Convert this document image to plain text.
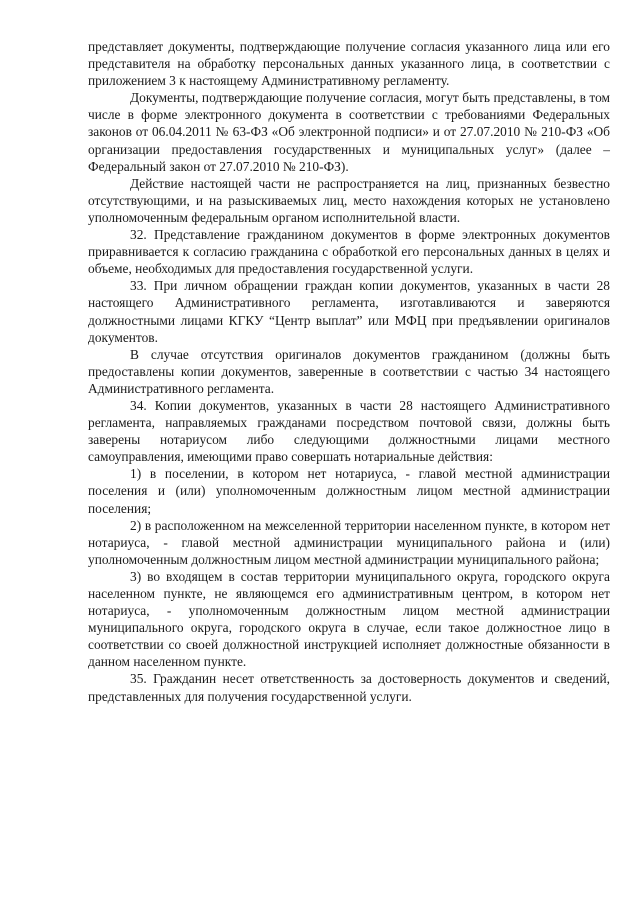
представляет документы, подтверждающие получение согласия указанного лица или его представителя на обработку персональных данных указанного лица, в соответствии с приложением 3 к настоящему Административному регламенту.

Документы, подтверждающие получение согласия, могут быть представлены, в том числе в форме электронного документа в соответствии с требованиями Федеральных законов от 06.04.2011 № 63-ФЗ «Об электронной подписи» и от 27.07.2010 № 210-ФЗ «Об организации предоставления государственных и муниципальных услуг» (далее – Федеральный закон от 27.07.2010 № 210-ФЗ).

Действие настоящей части не распространяется на лиц, признанных безвестно отсутствующими, и на разыскиваемых лиц, место нахождения которых не установлено уполномоченным федеральным органом исполнительной власти.

32. Представление гражданином документов в форме электронных документов приравнивается к согласию гражданина с обработкой его персональных данных в целях и объеме, необходимых для предоставления государственной услуги.

33. При личном обращении граждан копии документов, указанных в части 28 настоящего Административного регламента, изготавливаются и заверяются должностными лицами КГКУ “Центр выплат” или МФЦ при предъявлении оригиналов документов.

В случае отсутствия оригиналов документов гражданином (должны быть предоставлены копии документов, заверенные в соответствии с частью 34 настоящего Административного регламента.

34. Копии документов, указанных в части 28 настоящего Административного регламента, направляемых гражданами посредством почтовой связи, должны быть заверены нотариусом либо следующими должностными лицами местного самоуправления, имеющими право совершать нотариальные действия:

1) в поселении, в котором нет нотариуса, - главой местной администрации поселения и (или) уполномоченным должностным лицом местной администрации поселения;

2) в расположенном на межселенной территории населенном пункте, в котором нет нотариуса, - главой местной администрации муниципального района и (или) уполномоченным должностным лицом местной администрации муниципального района;

3) во входящем в состав территории муниципального округа, городского округа населенном пункте, не являющемся его административным центром, в котором нет нотариуса, - уполномоченным должностным лицом местной администрации муниципального округа, городского округа в случае, если такое должностное лицо в соответствии со своей должностной инструкцией исполняет должностные обязанности в данном населенном пункте.

35. Гражданин несет ответственность за достоверность документов и сведений, представленных для получения государственной услуги.
